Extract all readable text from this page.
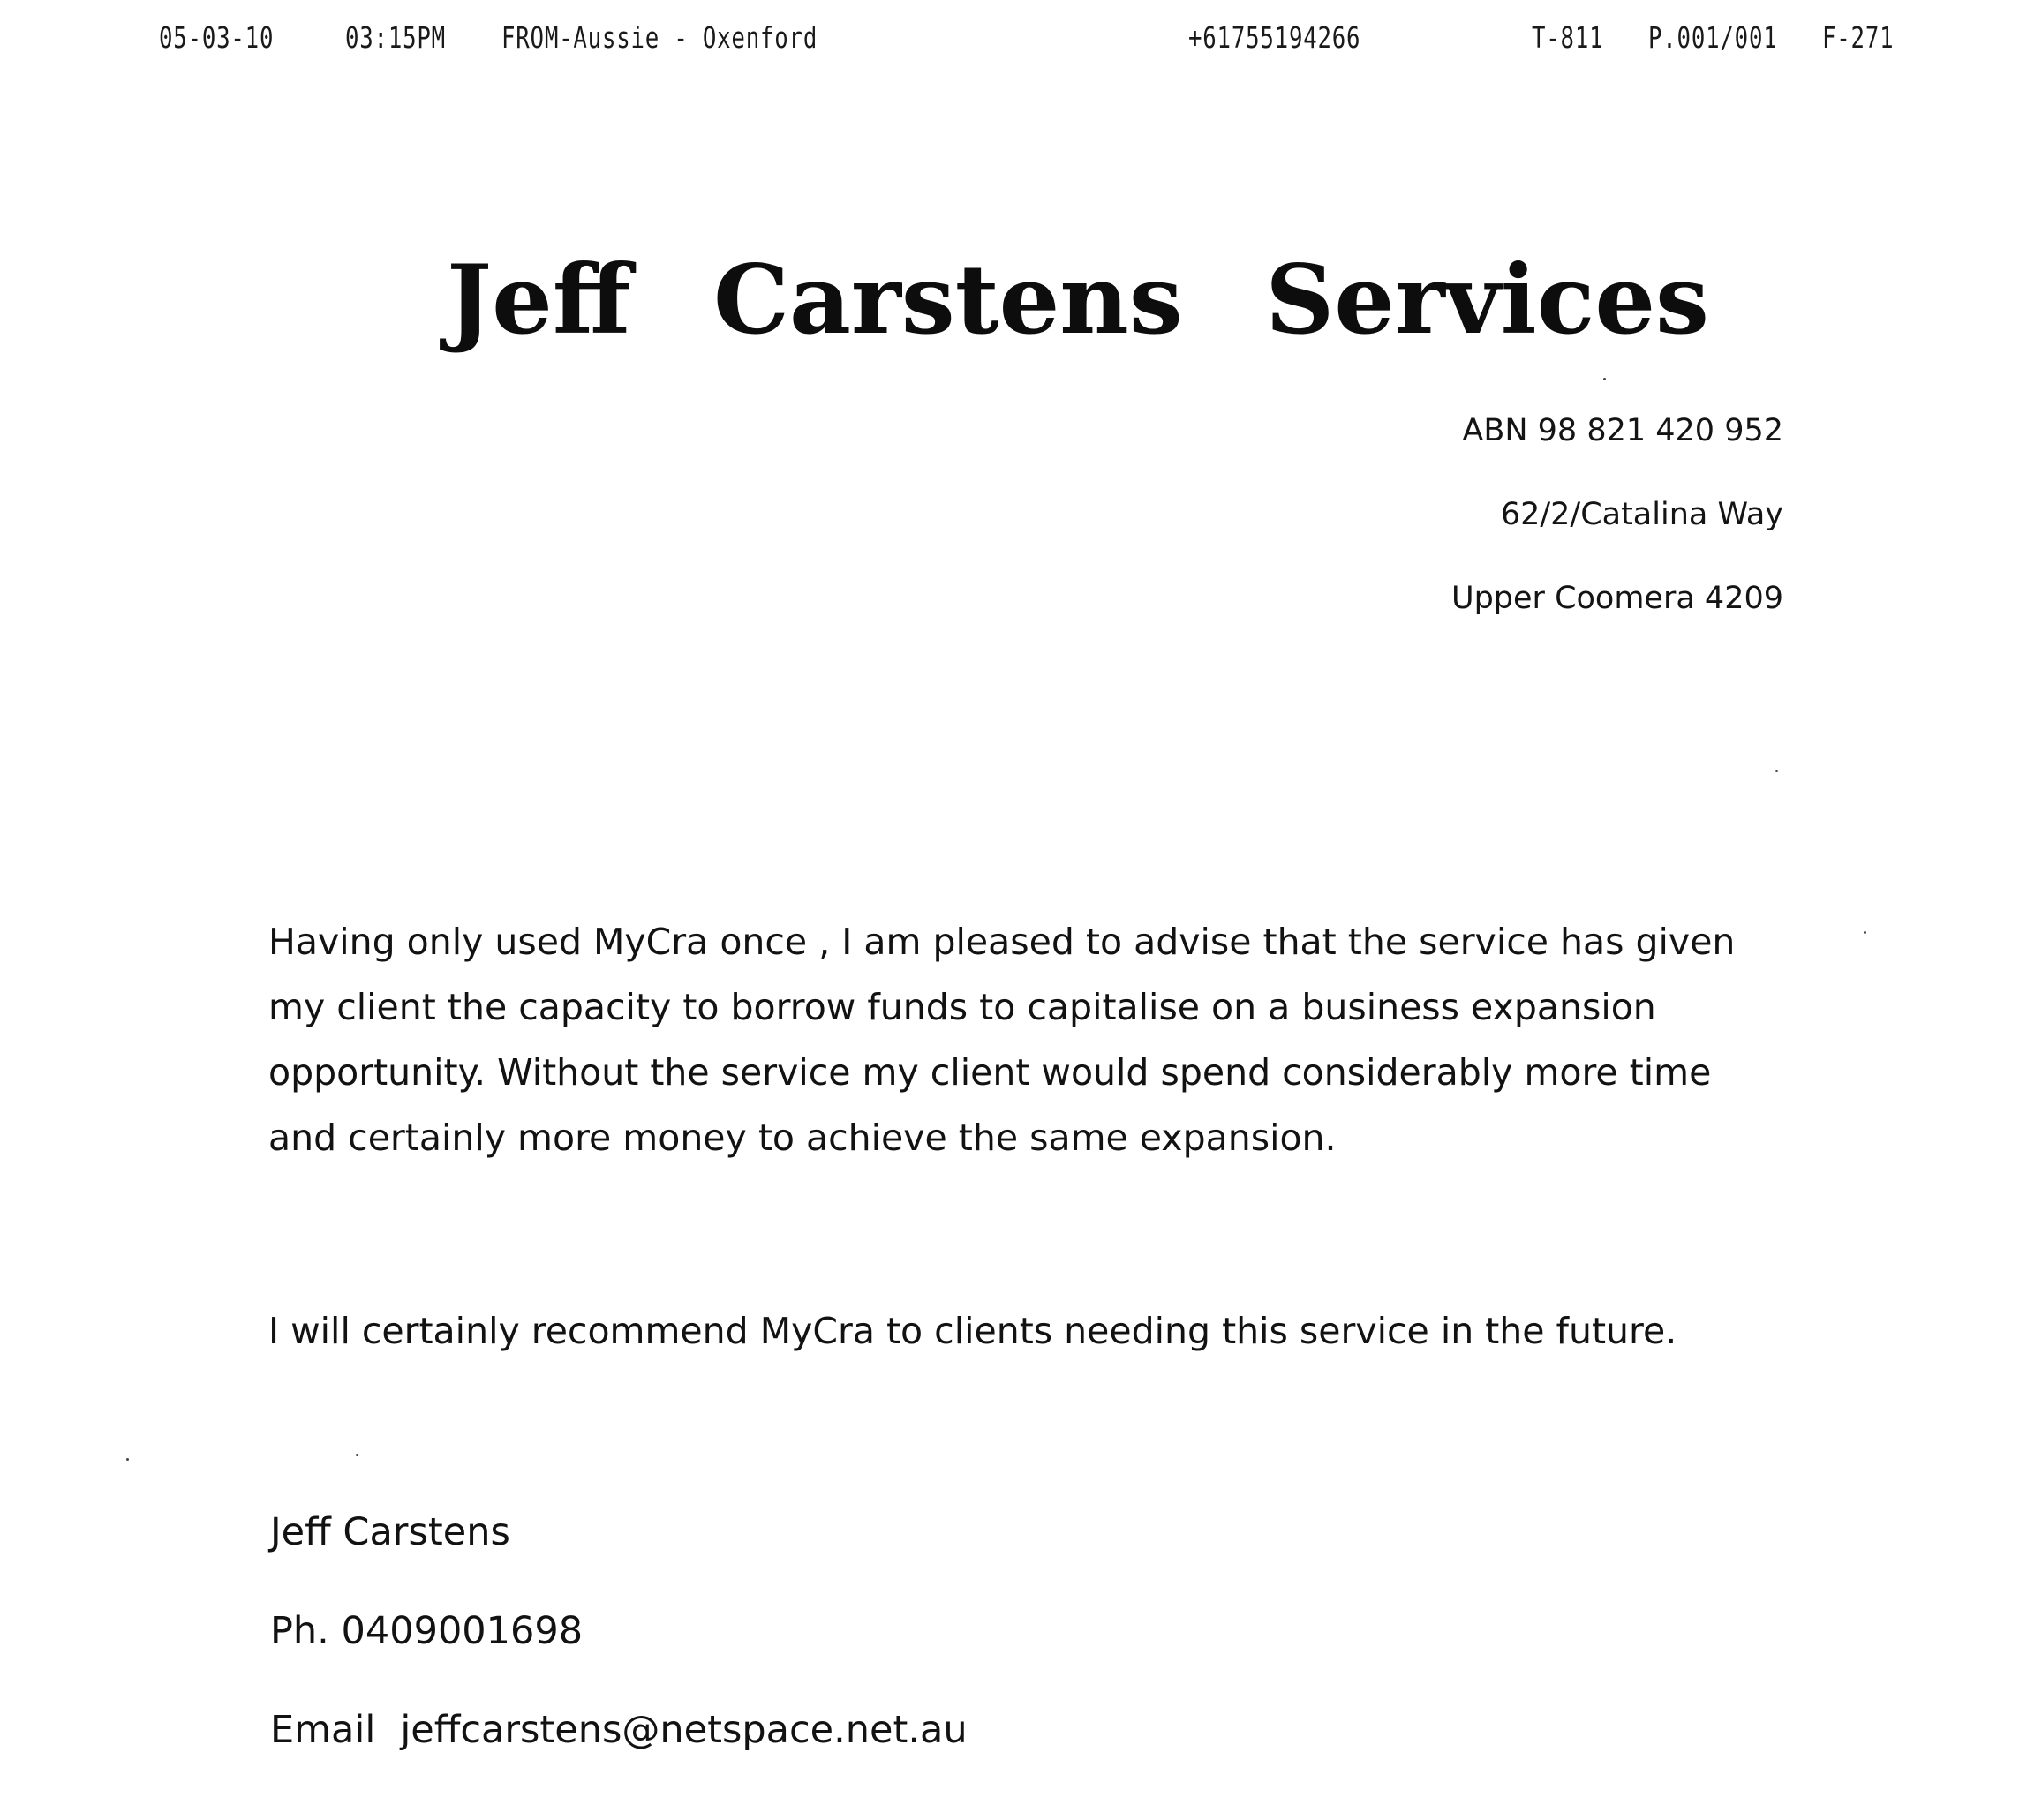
05-03-10 03:15PM FROM-Aussie - Oxenford	+61755194266	T-811 P.001/001 F-271
Jeff Carstens Services
ABN 98 821 420 952
62/2/Catalina Way
Upper Coomera 4209
Having only used MyCra once , I am pleased to advise that the service has given
my client the capacity to borrow funds to capitalise on a business expansion
opportunity. Without the service my client would spend considerably more time
and certainly more money to achieve the same expansion.
I will certainly recommend MyCra to clients needing this service in the future.
Jeff Carstens
Ph. 0409001698
Email jeffcarstens@netspace.net.au
